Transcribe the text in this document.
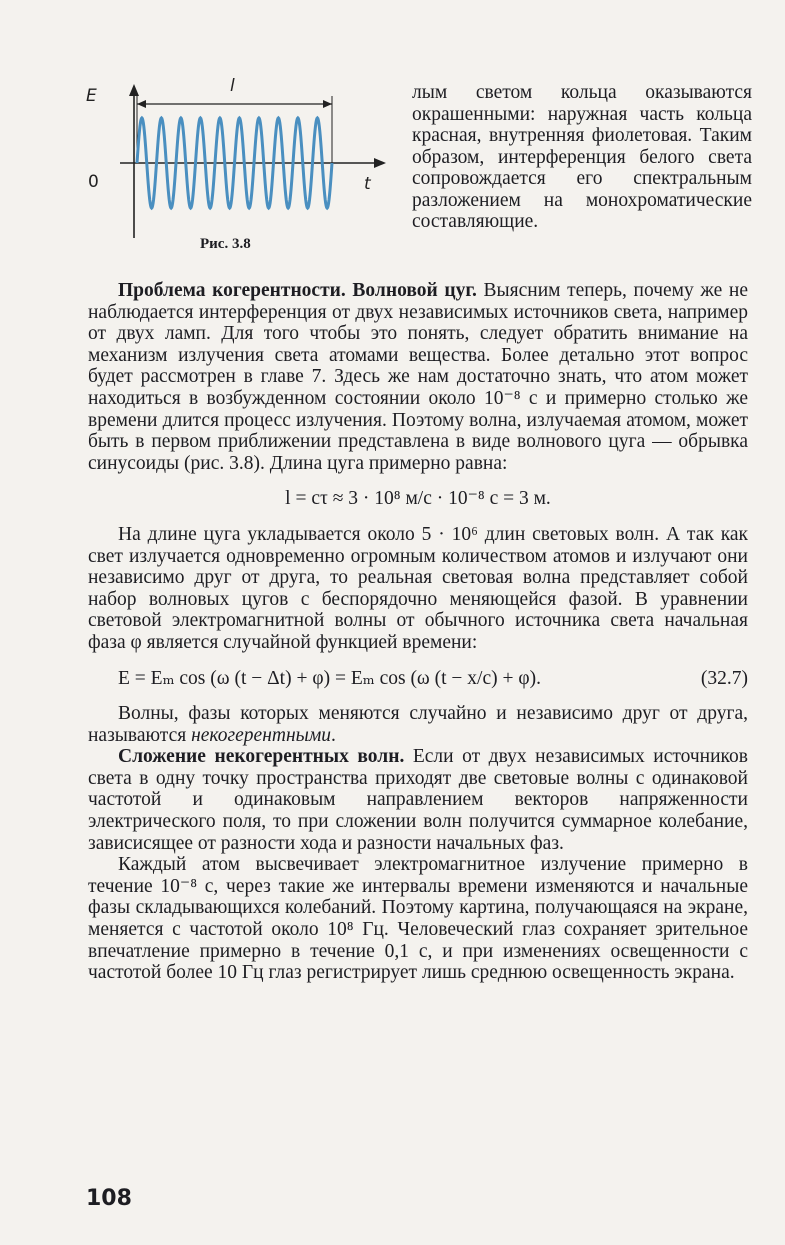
E	l
0	t
Рис. 3.8
лым светом кольца оказываются окрашенными: наружная часть кольца красная, внутренняя фиолетовая. Таким образом, интерференция белого света сопровождается его спектральным разложением на монохроматические составляющие.

Проблема когерентности. Волновой цуг. Выясним теперь, почему же не наблюдается интерференция от двух независимых источников света, например от двух ламп. Для того чтобы это понять, следует обратить внимание на механизм излучения света атомами вещества. Более детально этот вопрос будет рассмотрен в главе 7. Здесь же нам достаточно знать, что атом может находиться в возбужденном состоянии около 10⁻⁸ с и примерно столько же времени длится процесс излучения. Поэтому волна, излучаемая атомом, может быть в первом приближении представлена в виде волнового цуга — обрывка синусоиды (рис. 3.8). Длина цуга примерно равна:

l = cτ ≈ 3 · 10⁸ м/с · 10⁻⁸ с = 3 м.

На длине цуга укладывается около 5 · 10⁶ длин световых волн. А так как свет излучается одновременно огромным количеством атомов и излучают они независимо друг от друга, то реальная световая волна представляет собой набор волновых цугов с беспорядочно меняющейся фазой. В уравнении световой электромагнитной волны от обычного источника света начальная фаза φ является случайной функцией времени:

E = Eₘ cos (ω (t − Δt) + φ) = Eₘ cos (ω (t − x/c) + φ).	(32.7)

Волны, фазы которых меняются случайно и независимо друг от друга, называются некогерентными.

Сложение некогерентных волн. Если от двух независимых источников света в одну точку пространства приходят две световые волны с одинаковой частотой и одинаковым направлением векторов напряженности электрического поля, то при сложении волн получится суммарное колебание, зависисящее от разности хода и разности начальных фаз.

Каждый атом высвечивает электромагнитное излучение примерно в течение 10⁻⁸ с, через такие же интервалы времени изменяются и начальные фазы складывающихся колебаний. Поэтому картина, получающаяся на экране, меняется с частотой около 10⁸ Гц. Человеческий глаз сохраняет зрительное впечатление примерно в течение 0,1 с, и при изменениях освещенности с частотой более 10 Гц глаз регистрирует лишь среднюю освещенность экрана.

108
